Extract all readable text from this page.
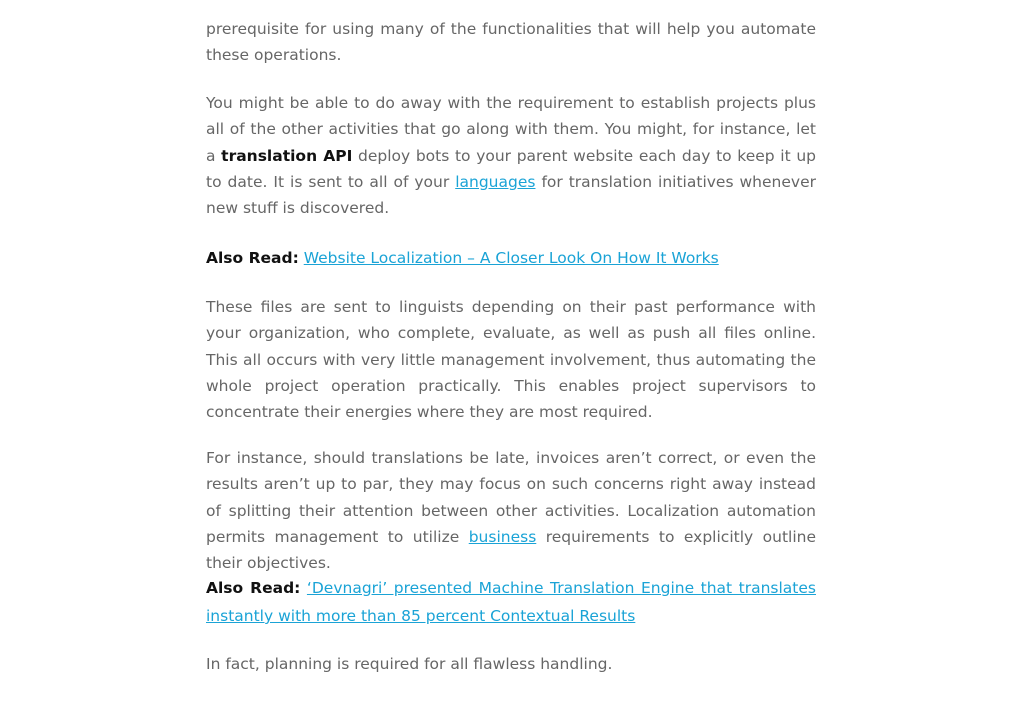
prerequisite for using many of the functionalities that will help you automate these operations.

You might be able to do away with the requirement to establish projects plus all of the other activities that go along with them. You might, for instance, let a translation API deploy bots to your parent website each day to keep it up to date. It is sent to all of your languages for translation initiatives whenever new stuff is discovered.

Also Read: Website Localization – A Closer Look On How It Works

These files are sent to linguists depending on their past performance with your organization, who complete, evaluate, as well as push all files online. This all occurs with very little management involvement, thus automating the whole project operation practically. This enables project supervisors to concentrate their energies where they are most required.

For instance, should translations be late, invoices aren’t correct, or even the results aren’t up to par, they may focus on such concerns right away instead of splitting their attention between other activities. Localization automation permits management to utilize business requirements to explicitly outline their objectives.

Also Read: ‘Devnagri’ presented Machine Translation Engine that translates instantly with more than 85 percent Contextual Results

In fact, planning is required for all flawless handling.
